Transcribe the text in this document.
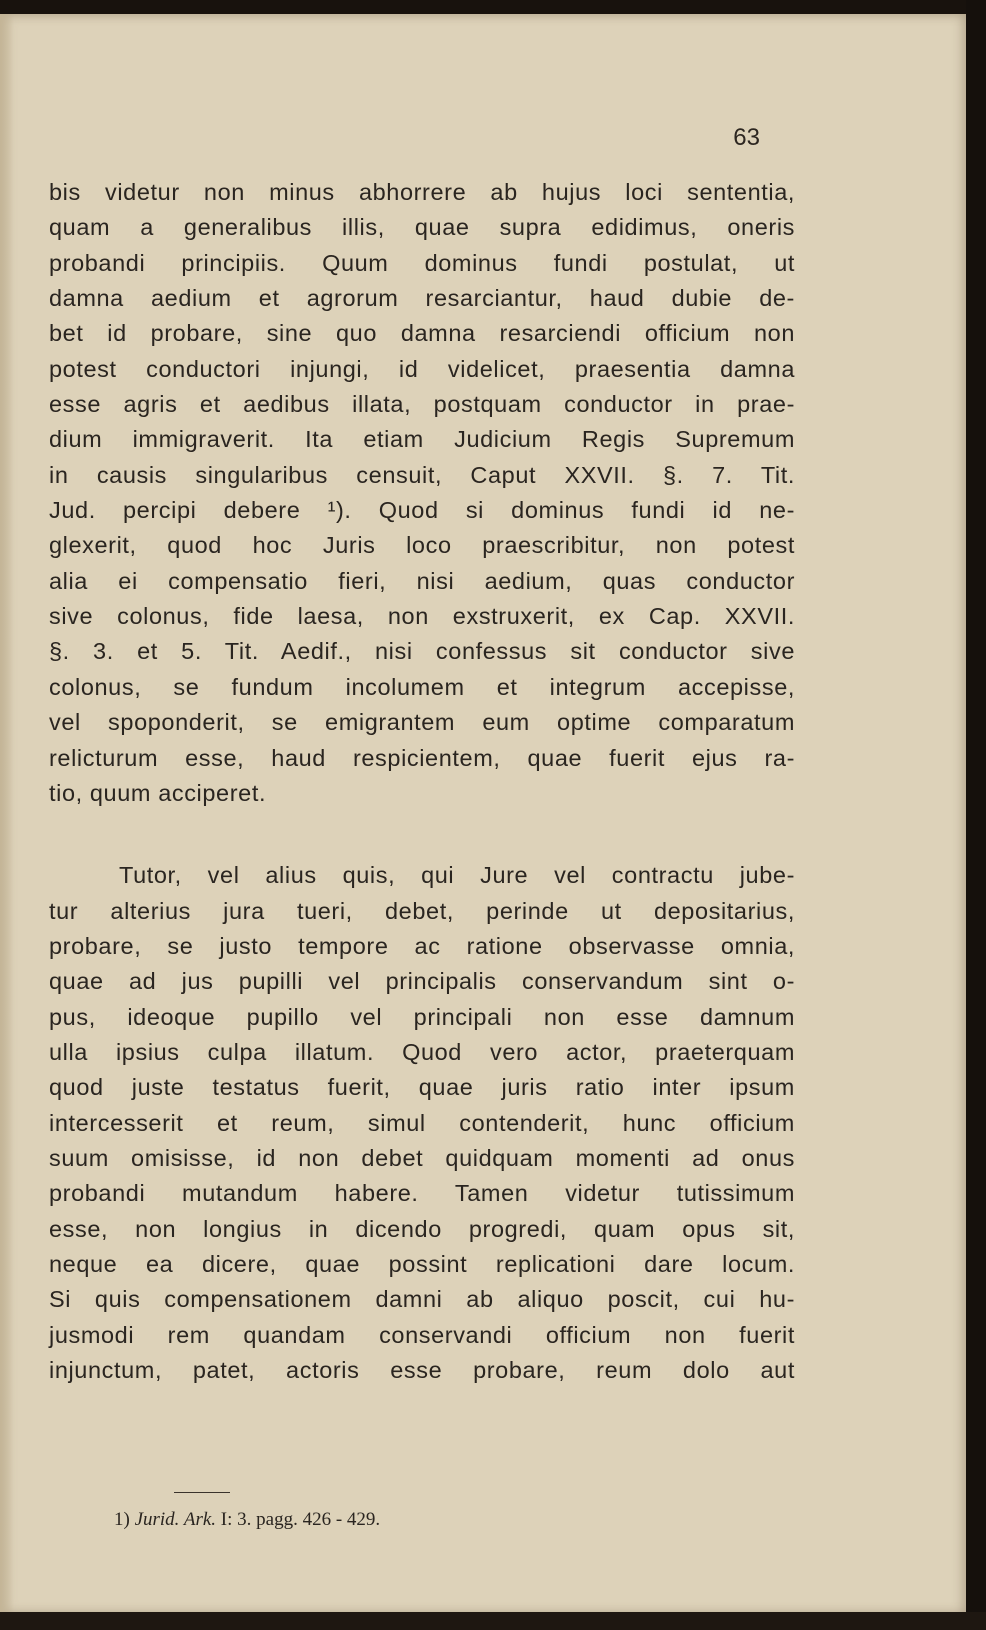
63
bis videtur non minus abhorrere ab hujus loci sententia,
quam a generalibus illis, quae supra edidimus, oneris
probandi principiis. Quum dominus fundi postulat, ut
damna aedium et agrorum resarciantur, haud dubie de-
bet id probare, sine quo damna resarciendi officium non
potest conductori injungi, id videlicet, praesentia damna
esse agris et aedibus illata, postquam conductor in prae-
dium immigraverit. Ita etiam Judicium Regis Supremum
in causis singularibus censuit, Caput XXVII. §. 7. Tit.
Jud. percipi debere ¹). Quod si dominus fundi id ne-
glexerit, quod hoc Juris loco praescribitur, non potest
alia ei compensatio fieri, nisi aedium, quas conductor
sive colonus, fide laesa, non exstruxerit, ex Cap. XXVII.
§. 3. et 5. Tit. Aedif., nisi confessus sit conductor sive
colonus, se fundum incolumem et integrum accepisse,
vel spoponderit, se emigrantem eum optime comparatum
relicturum esse, haud respicientem, quae fuerit ejus ra-
tio, quum acciperet.
Tutor, vel alius quis, qui Jure vel contractu jube-
tur alterius jura tueri, debet, perinde ut depositarius,
probare, se justo tempore ac ratione observasse omnia,
quae ad jus pupilli vel principalis conservandum sint o-
pus, ideoque pupillo vel principali non esse damnum
ulla ipsius culpa illatum. Quod vero actor, praeterquam
quod juste testatus fuerit, quae juris ratio inter ipsum
intercesserit et reum, simul contenderit, hunc officium
suum omisisse, id non debet quidquam momenti ad onus
probandi mutandum habere. Tamen videtur tutissimum
esse, non longius in dicendo progredi, quam opus sit,
neque ea dicere, quae possint replicationi dare locum.
Si quis compensationem damni ab aliquo poscit, cui hu-
jusmodi rem quandam conservandi officium non fuerit
injunctum, patet, actoris esse probare, reum dolo aut
1) Jurid. Ark. I: 3. pagg. 426 - 429.
